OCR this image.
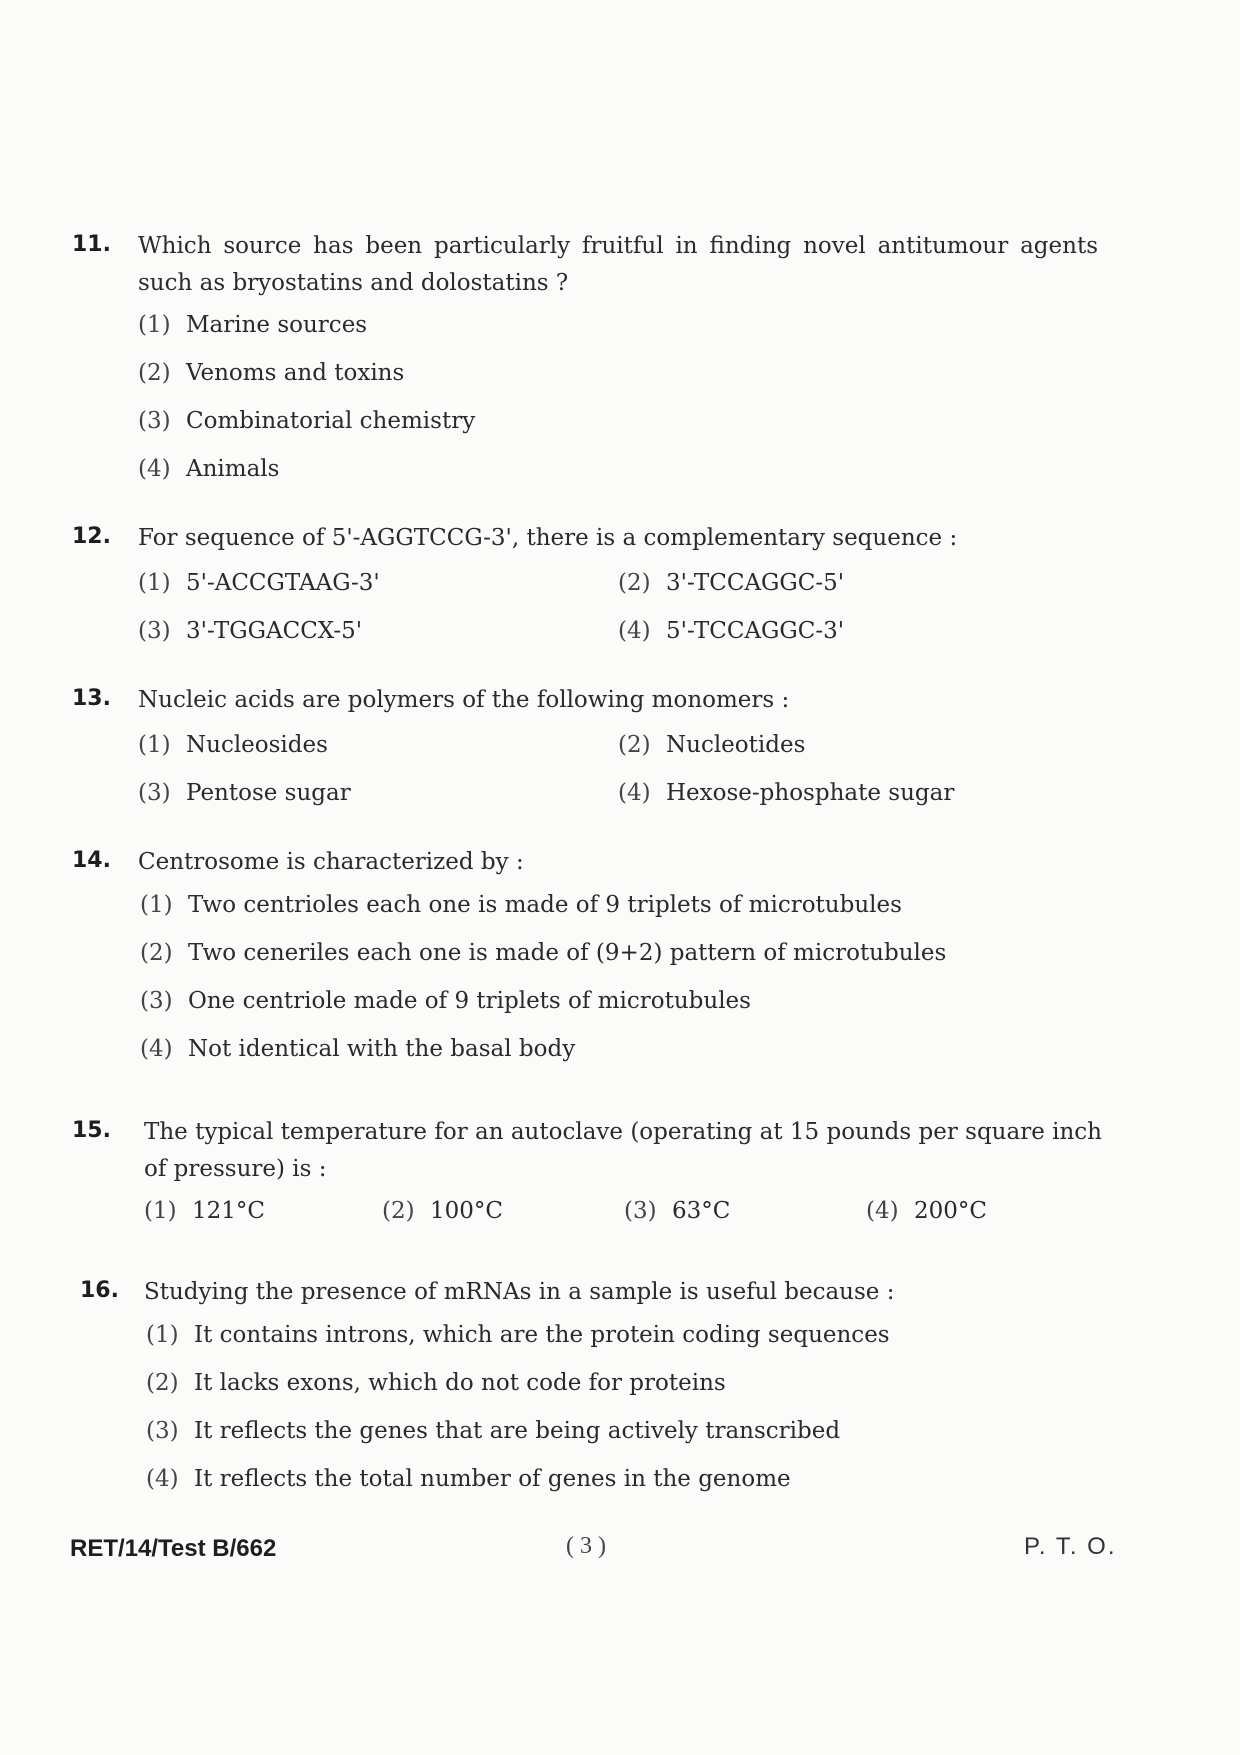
11. Which source has been particularly fruitful in finding novel antitumour agents such as bryostatins and dolostatins ?
(1) Marine sources
(2) Venoms and toxins
(3) Combinatorial chemistry
(4) Animals
12. For sequence of 5'-AGGTCCG-3', there is a complementary sequence :
(1) 5'-ACCGTAAG-3'	(2) 3'-TCCAGGC-5'
(3) 3'-TGGACCX-5'	(4) 5'-TCCAGGC-3'
13. Nucleic acids are polymers of the following monomers :
(1) Nucleosides	(2) Nucleotides
(3) Pentose sugar	(4) Hexose-phosphate sugar
14. Centrosome is characterized by :
(1) Two centrioles each one is made of 9 triplets of microtubules
(2) Two ceneriles each one is made of (9+2) pattern of microtubules
(3) One centriole made of 9 triplets of microtubules
(4) Not identical with the basal body
15. The typical temperature for an autoclave (operating at 15 pounds per square inch of pressure) is :
(1) 121°C	(2) 100°C	(3) 63°C	(4) 200°C
16. Studying the presence of mRNAs in a sample is useful because :
(1) It contains introns, which are the protein coding sequences
(2) It lacks exons, which do not code for proteins
(3) It reflects the genes that are being actively transcribed
(4) It reflects the total number of genes in the genome
RET/14/Test B/662	( 3 )	P. T. O.
